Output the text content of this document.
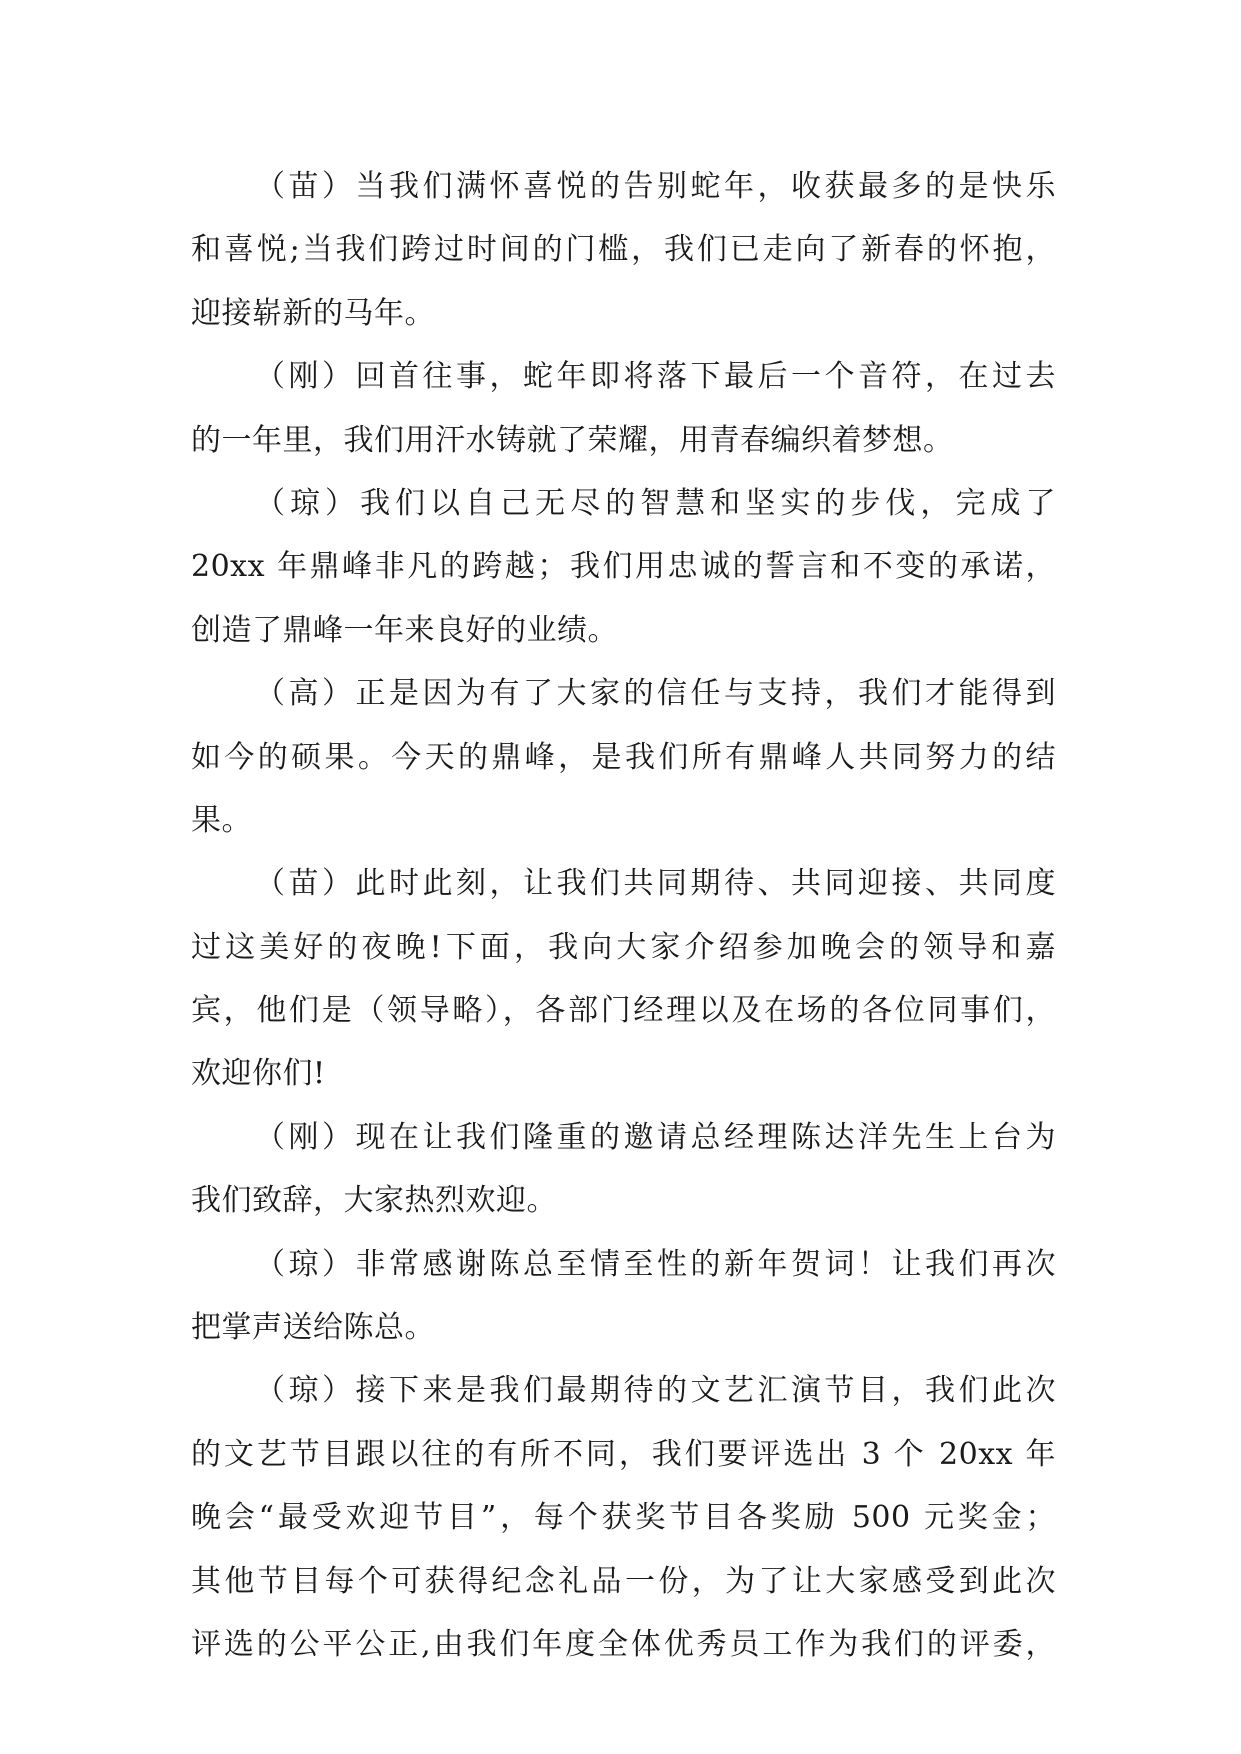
（苗）当我们满怀喜悦的告别蛇年，收获最多的是快乐
和喜悦;当我们跨过时间的门槛，我们已走向了新春的怀抱，
迎接崭新的马年。
（刚）回首往事，蛇年即将落下最后一个音符，在过去
的一年里，我们用汗水铸就了荣耀，用青春编织着梦想。
（琼）我们以自己无尽的智慧和坚实的步伐，完成了
20xx 年鼎峰非凡的跨越；我们用忠诚的誓言和不变的承诺，
创造了鼎峰一年来良好的业绩。
（高）正是因为有了大家的信任与支持，我们才能得到
如今的硕果。今天的鼎峰，是我们所有鼎峰人共同努力的结
果。
（苗）此时此刻，让我们共同期待、共同迎接、共同度
过这美好的夜晚!下面，我向大家介绍参加晚会的领导和嘉
宾，他们是（领导略），各部门经理以及在场的各位同事们，
欢迎你们!
（刚）现在让我们隆重的邀请总经理陈达洋先生上台为
我们致辞，大家热烈欢迎。
（琼）非常感谢陈总至情至性的新年贺词！让我们再次
把掌声送给陈总。
（琼）接下来是我们最期待的文艺汇演节目，我们此次
的文艺节目跟以往的有所不同，我们要评选出 3 个 20xx 年
晚会“最受欢迎节目”，每个获奖节目各奖励 500 元奖金；
其他节目每个可获得纪念礼品一份，为了让大家感受到此次
评选的公平公正,由我们年度全体优秀员工作为我们的评委，
